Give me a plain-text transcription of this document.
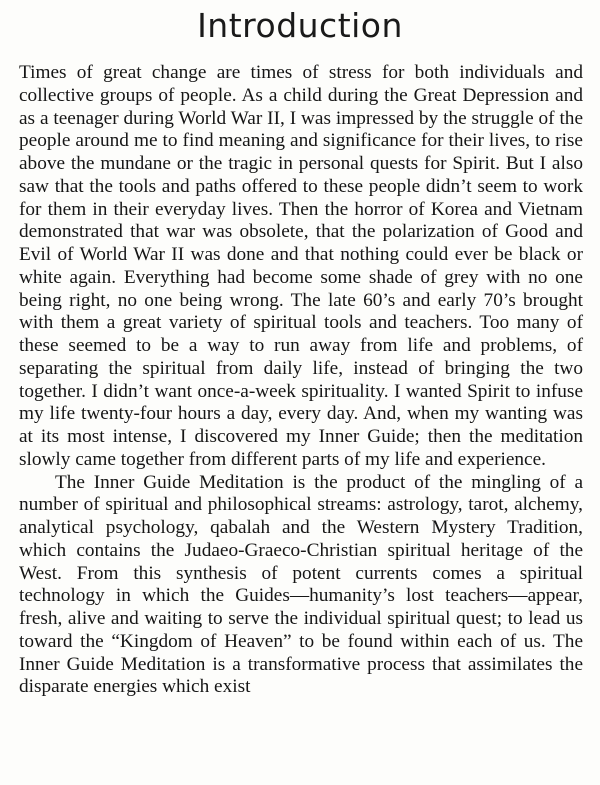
Introduction

Times of great change are times of stress for both individuals and collective groups of people. As a child during the Great Depression and as a teenager during World War II, I was impressed by the struggle of the people around me to find meaning and significance for their lives, to rise above the mundane or the tragic in personal quests for Spirit. But I also saw that the tools and paths offered to these people didn’t seem to work for them in their everyday lives. Then the horror of Korea and Vietnam demonstrated that war was obsolete, that the polarization of Good and Evil of World War II was done and that nothing could ever be black or white again. Everything had become some shade of grey with no one being right, no one being wrong. The late 60’s and early 70’s brought with them a great variety of spiritual tools and teachers. Too many of these seemed to be a way to run away from life and problems, of separating the spiritual from daily life, instead of bringing the two together. I didn’t want once-a-week spirituality. I wanted Spirit to infuse my life twenty-four hours a day, every day. And, when my wanting was at its most intense, I discovered my Inner Guide; then the meditation slowly came together from different parts of my life and experience.

The Inner Guide Meditation is the product of the mingling of a number of spiritual and philosophical streams: astrology, tarot, alchemy, analytical psychology, qabalah and the Western Mystery Tradition, which contains the Judaeo-Graeco-Christian spiritual heritage of the West. From this synthesis of potent currents comes a spiritual technology in which the Guides—humanity’s lost teachers—appear, fresh, alive and waiting to serve the individual spiritual quest; to lead us toward the “Kingdom of Heaven” to be found within each of us. The Inner Guide Meditation is a transformative process that assimilates the disparate energies which exist
